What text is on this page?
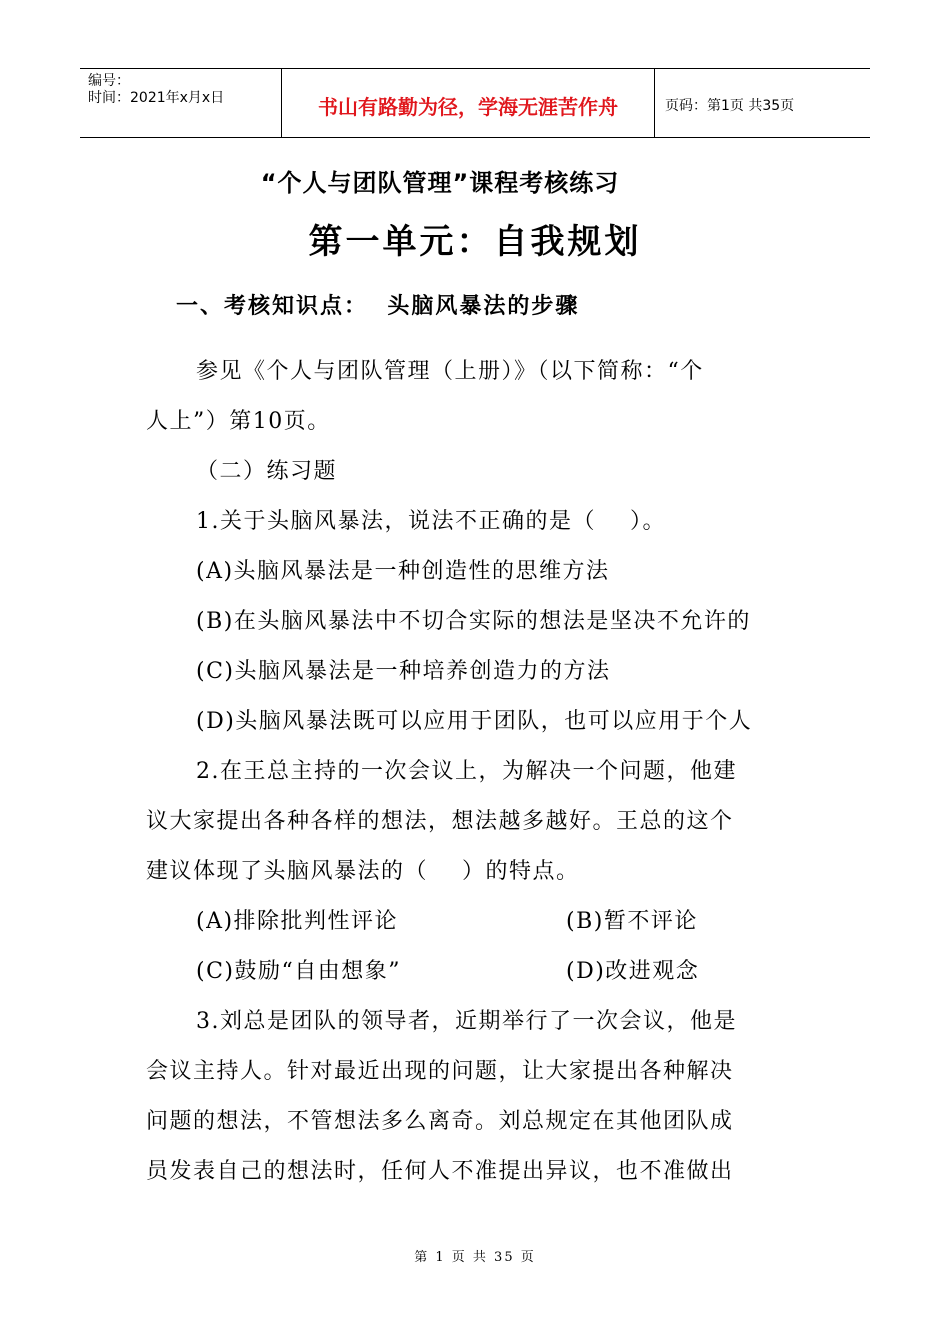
编号：
时间：2021年x月x日	书山有路勤为径，学海无涯苦作舟	页码：第1页 共35页
“个人与团队管理”课程考核练习
第一单元：自我规划
一、考核知识点：  头脑风暴法的步骤
参见《个人与团队管理（上册）》（以下简称：“个
人上”）第10页。
（二）练习题
1.关于头脑风暴法，说法不正确的是（    ）。
(A)头脑风暴法是一种创造性的思维方法
(B)在头脑风暴法中不切合实际的想法是坚决不允许的
(C)头脑风暴法是一种培养创造力的方法
(D)头脑风暴法既可以应用于团队，也可以应用于个人
2.在王总主持的一次会议上，为解决一个问题，他建
议大家提出各种各样的想法，想法越多越好。王总的这个
建议体现了头脑风暴法的（    ）的特点。
(A)排除批判性评论	(B)暂不评论
(C)鼓励“自由想象”	(D)改进观念
3.刘总是团队的领导者，近期举行了一次会议，他是
会议主持人。针对最近出现的问题，让大家提出各种解决
问题的想法，不管想法多么离奇。刘总规定在其他团队成
员发表自己的想法时，任何人不准提出异议，也不准做出
第 1 页 共 35 页
